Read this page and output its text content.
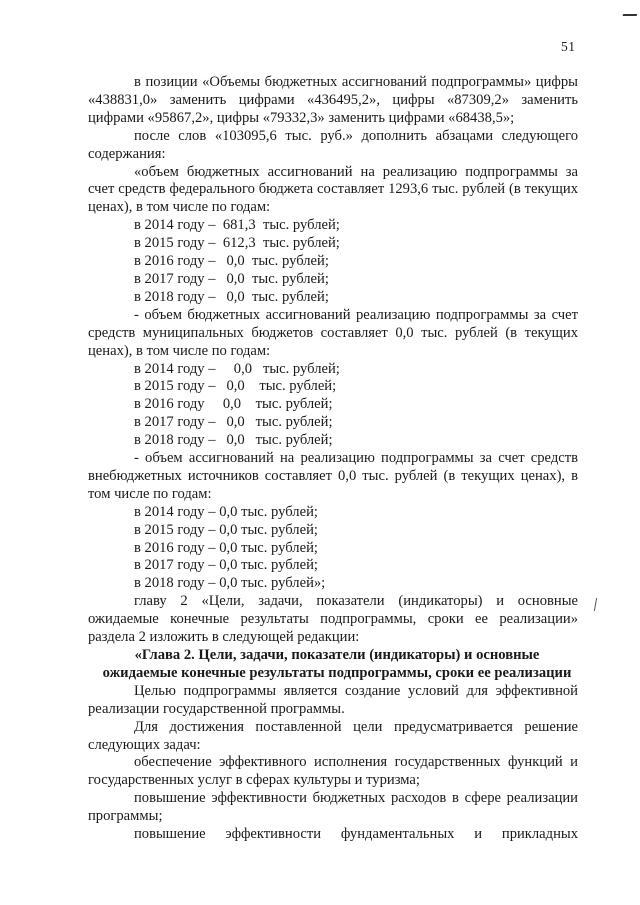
51

в позиции «Объемы бюджетных ассигнований подпрограммы» цифры «438831,0» заменить цифрами «436495,2», цифры «87309,2» заменить цифрами «95867,2», цифры «79332,3» заменить цифрами «68438,5»;

после слов «103095,6 тыс. руб.» дополнить абзацами следующего содержания:

«объем бюджетных ассигнований на реализацию подпрограммы за счет средств федерального бюджета составляет 1293,6 тыс. рублей (в текущих ценах), в том числе по годам:

в 2014 году –  681,3  тыс. рублей;

в 2015 году –  612,3  тыс. рублей;

в 2016 году –   0,0  тыс. рублей;

в 2017 году –   0,0  тыс. рублей;

в 2018 году –   0,0  тыс. рублей;

- объем бюджетных ассигнований реализацию подпрограммы за счет средств муниципальных бюджетов составляет 0,0 тыс. рублей (в текущих ценах), в том числе по годам:

в 2014 году –     0,0   тыс. рублей;

в 2015 году –   0,0    тыс. рублей;

в 2016 году     0,0    тыс. рублей;

в 2017 году –   0,0   тыс. рублей;

в 2018 году –   0,0   тыс. рублей;

- объем ассигнований на реализацию подпрограммы за счет средств внебюджетных источников составляет 0,0 тыс. рублей (в текущих ценах), в том числе по годам:

в 2014 году – 0,0 тыс. рублей;

в 2015 году – 0,0 тыс. рублей;

в 2016 году – 0,0 тыс. рублей;

в 2017 году – 0,0 тыс. рублей;

в 2018 году – 0,0 тыс. рублей»;

главу 2 «Цели, задачи, показатели (индикаторы) и основные ожидаемые конечные результаты подпрограммы, сроки ее реализации» раздела 2 изложить в следующей редакции:

«Глава 2. Цели, задачи, показатели (индикаторы) и основные
ожидаемые конечные результаты подпрограммы, сроки ее реализации

Целью подпрограммы является создание условий для эффективной реализации государственной программы.

Для достижения поставленной цели предусматривается решение следующих задач:

обеспечение эффективного исполнения государственных функций и государственных услуг в сферах культуры и туризма;

повышение эффективности бюджетных расходов в сфере реализации программы;

повышение эффективности фундаментальных и прикладных
